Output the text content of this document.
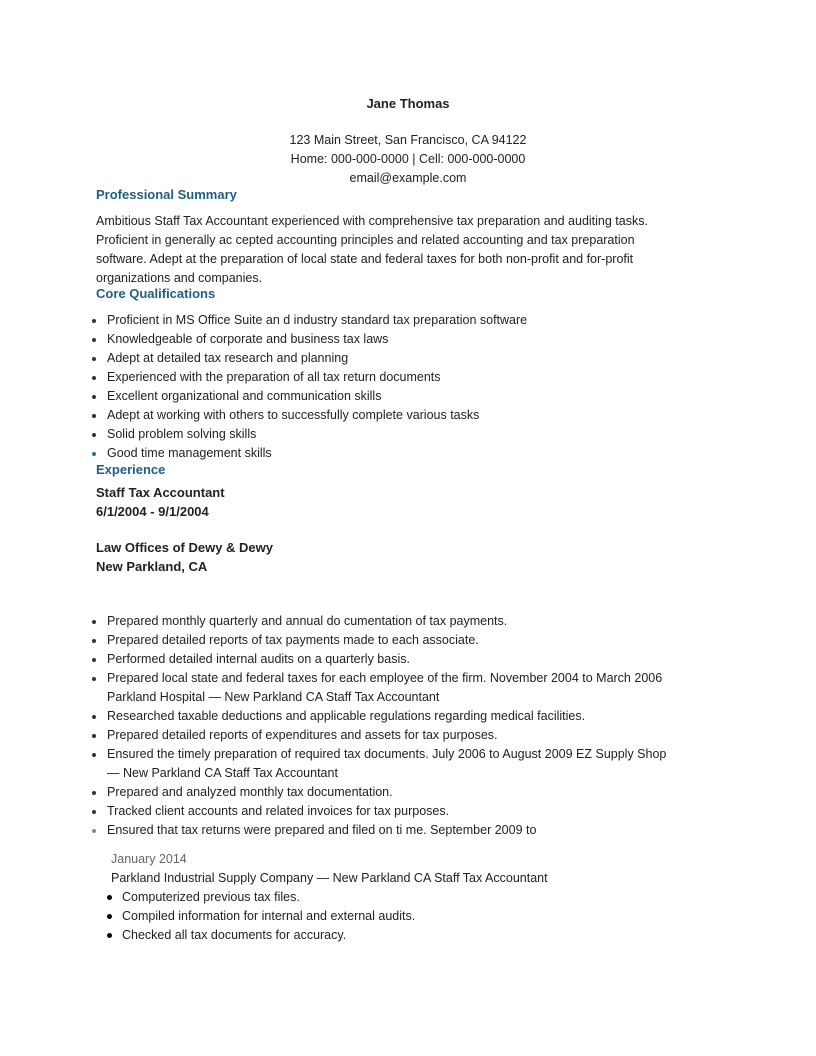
Jane Thomas
123 Main Street, San Francisco, CA 94122
Home: 000-000-0000 | Cell: 000-000-0000
email@example.com
Professional Summary
Ambitious Staff Tax Accountant experienced with comprehensive tax preparation and auditing tasks.
Proficient in generally ac cepted accounting principles and related accounting and tax preparation
software. Adept at the preparation of local state and federal taxes for both non-profit and for-profit
organizations and companies.
Core Qualifications
Proficient in MS Office Suite an d industry standard tax preparation software
Knowledgeable of corporate and business tax laws
Adept at detailed tax research and planning
Experienced with the preparation of all tax return documents
Excellent organizational and communication skills
Adept at working with others to successfully complete various tasks
Solid problem solving skills
Good time management skills
Experience
Staff Tax Accountant
6/1/2004 - 9/1/2004
Law Offices of Dewy & Dewy
New Parkland, CA
Prepared monthly quarterly and annual do cumentation of tax payments.
Prepared detailed reports of tax payments made to each associate.
Performed detailed internal audits on a quarterly basis.
Prepared local state and federal taxes for each employee of the firm. November 2004 to March 2006
Parkland Hospital — New Parkland CA Staff Tax Accountant
Researched taxable deductions and applicable regulations regarding medical facilities.
Prepared detailed reports of expenditures and assets for tax purposes.
Ensured the timely preparation of required tax documents. July 2006 to August 2009 EZ Supply Shop
— New Parkland CA Staff Tax Accountant
Prepared and analyzed monthly tax documentation.
Tracked client accounts and related invoices for tax purposes.
Ensured that tax returns were prepared and filed on ti me. September 2009 to
January 2014
Parkland Industrial Supply Company — New Parkland CA Staff Tax Accountant
Computerized previous tax files.
Compiled information for internal and external audits.
Checked all tax documents for accuracy.
